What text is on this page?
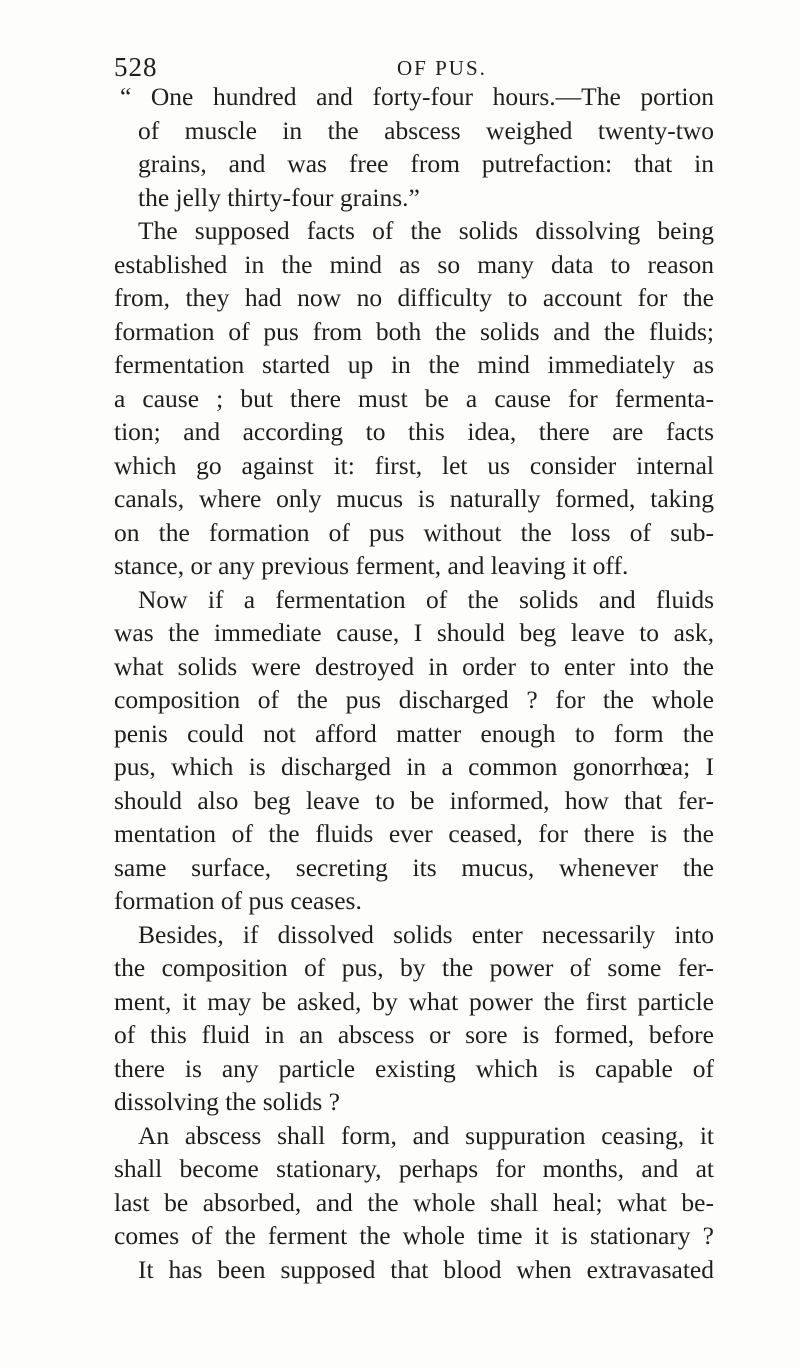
528	OF PUS.
“ One hundred and forty-four hours.—The portion
of muscle in the abscess weighed twenty-two
grains, and was free from putrefaction: that in
the jelly thirty-four grains.”
The supposed facts of the solids dissolving being
established in the mind as so many data to reason
from, they had now no difficulty to account for the
formation of pus from both the solids and the fluids;
fermentation started up in the mind immediately as
a cause ; but there must be a cause for fermenta-
tion; and according to this idea, there are facts
which go against it: first, let us consider internal
canals, where only mucus is naturally formed, taking
on the formation of pus without the loss of sub-
stance, or any previous ferment, and leaving it off.
Now if a fermentation of the solids and fluids
was the immediate cause, I should beg leave to ask,
what solids were destroyed in order to enter into the
composition of the pus discharged ? for the whole
penis could not afford matter enough to form the
pus, which is discharged in a common gonorrhœa; I
should also beg leave to be informed, how that fer-
mentation of the fluids ever ceased, for there is the
same surface, secreting its mucus, whenever the
formation of pus ceases.
Besides, if dissolved solids enter necessarily into
the composition of pus, by the power of some fer-
ment, it may be asked, by what power the first particle
of this fluid in an abscess or sore is formed, before
there is any particle existing which is capable of
dissolving the solids ?
An abscess shall form, and suppuration ceasing, it
shall become stationary, perhaps for months, and at
last be absorbed, and the whole shall heal; what be-
comes of the ferment the whole time it is stationary ?
It has been supposed that blood when extravasated
